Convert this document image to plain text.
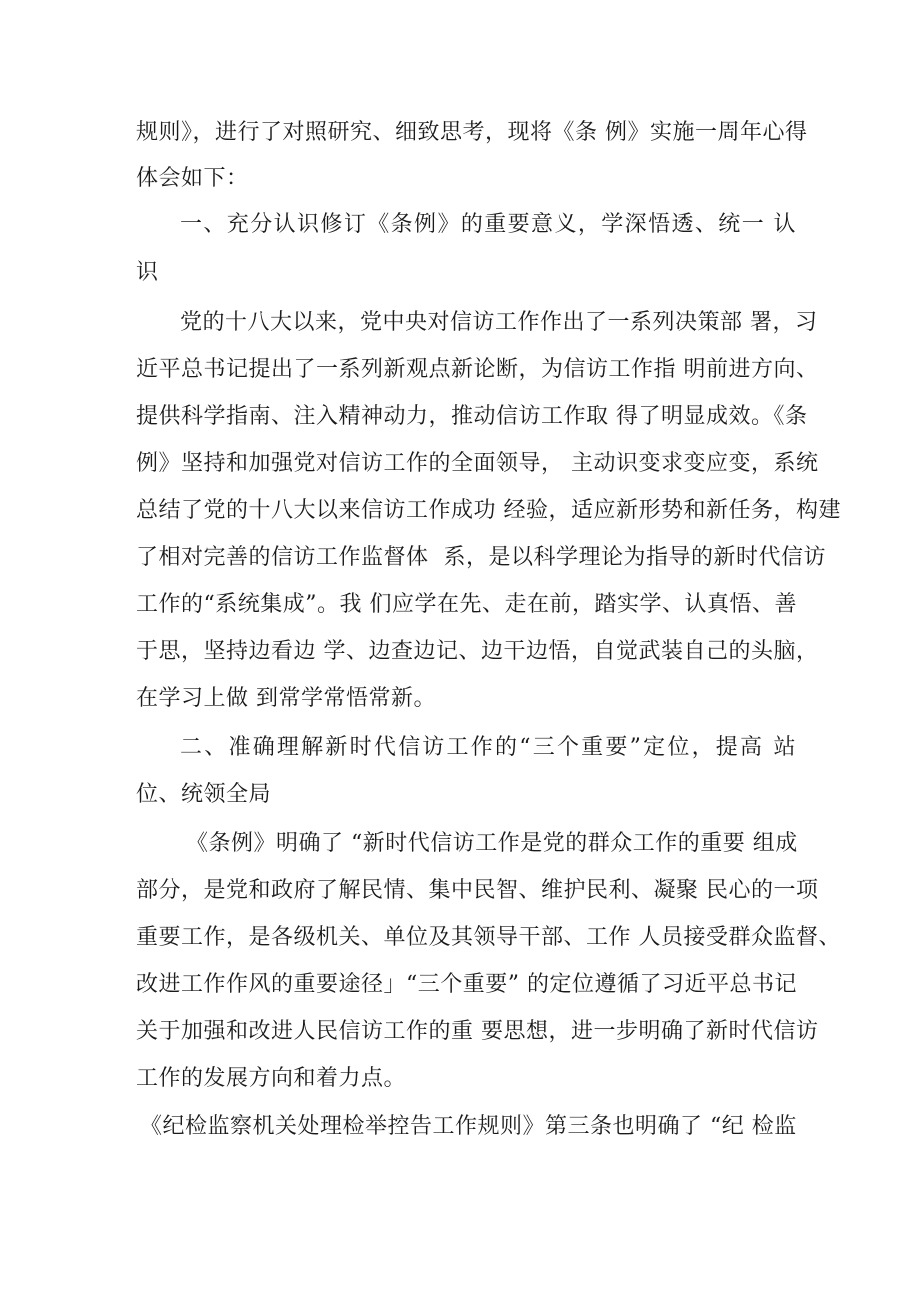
规则》，进行了对照研究、细致思考，现将《条 例》实施一周年心得
体会如下：
一、充分认识修订《条例》的重要意义，学深悟透、统一 认
识
党的十八大以来，党中央对信访工作作出了一系列决策部 署，习
近平总书记提出了一系列新观点新论断，为信访工作指 明前进方向、
提供科学指南、注入精神动力，推动信访工作取 得了明显成效。《条
例》坚持和加强党对信访工作的全面领导， 主动识变求变应变，系统
总结了党的十八大以来信访工作成功 经验，适应新形势和新任务，构建
了相对完善的信访工作监督体  系，是以科学理论为指导的新时代信访
工作的“系统集成”。我 们应学在先、走在前，踏实学、认真悟、善
于思，坚持边看边 学、边查边记、边干边悟，自觉武装自己的头脑，
在学习上做 到常学常悟常新。
二、准确理解新时代信访工作的“三个重要”定位，提高 站
位、统领全局
《条例》明确了 “新时代信访工作是党的群众工作的重要 组成
部分，是党和政府了解民情、集中民智、维护民利、凝聚 民心的一项
重要工作，是各级机关、单位及其领导干部、工作 人员接受群众监督、
改进工作作风的重要途径」“三个重要” 的定位遵循了习近平总书记
关于加强和改进人民信访工作的重 要思想，进一步明确了新时代信访
工作的发展方向和着力点。
《纪检监察机关处理检举控告工作规则》第三条也明确了 “纪 检监
